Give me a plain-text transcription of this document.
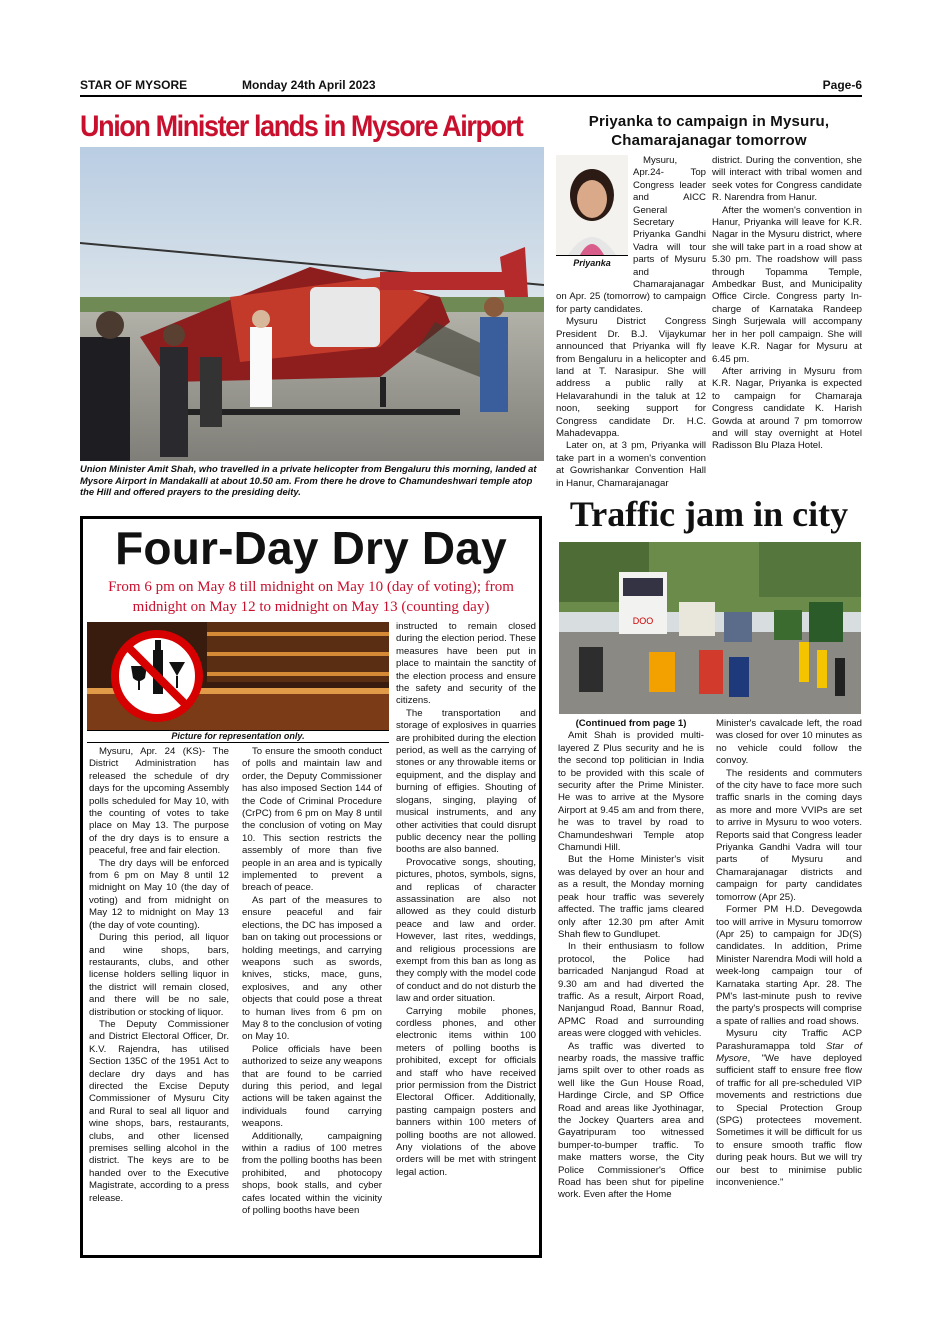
STAR OF MYSORE	Monday 24th April 2023	Page-6
Union Minister lands in Mysore Airport
Union Minister Amit Shah, who travelled in a private helicopter from Bengaluru this morning, landed at Mysore Airport in Mandakalli at about 10.50 am. From there he drove to Chamundeshwari temple atop the Hill and offered prayers to the presiding deity.
Priyanka to campaign in Mysuru,
Chamarajanagar tomorrow
Priyanka

Mysuru, Apr.24- Top Congress leader and AICC General Secretary Priyanka Gandhi Vadra will tour parts of Mysuru and Chamarajanagar on Apr. 25 (tomorrow) to campaign for party candidates.

Mysuru District Congress President Dr. B.J. Vijaykumar announced that Priyanka will fly from Bengaluru in a helicopter and land at T. Narasipur. She will address a public rally at Helavarahundi in the taluk at 12 noon, seeking support for Congress candidate Dr. H.C. Mahadevappa.

Later on, at 3 pm, Priyanka will take part in a women's convention at Gowrishankar Convention Hall in Hanur, Chamarajanagar

district. During the convention, she will interact with tribal women and seek votes for Congress candidate R. Narendra from Hanur.

After the women's convention in Hanur, Priyanka will leave for K.R. Nagar in the Mysuru district, where she will take part in a road show at 5.30 pm. The roadshow will pass through Topamma Temple, Ambedkar Bust, and Municipality Office Circle. Congress party In-charge of Karnataka Randeep Singh Surjewala will accompany her in her poll campaign. She will leave K.R. Nagar for Mysuru at 6.45 pm.

After arriving in Mysuru from K.R. Nagar, Priyanka is expected to campaign for Chamaraja Congress candidate K. Harish Gowda at around 7 pm tomorrow and will stay overnight at Hotel Radisson Blu Plaza Hotel.

Traffic jam in city
DOO
Four-Day Dry Day
From 6 pm on May 8 till midnight on May 10 (day of voting); from midnight on May 12 to midnight on May 13 (counting day)
Picture for representation only.

Mysuru, Apr. 24 (KS)- The District Administration has released the schedule of dry days for the upcoming Assembly polls scheduled for May 10, with the counting of votes to take place on May 13. The purpose of the dry days is to ensure a peaceful, free and fair election.

The dry days will be enforced from 6 pm on May 8 until 12 midnight on May 10 (the day of voting) and from midnight on May 12 to midnight on May 13 (the day of vote counting).

During this period, all liquor and wine shops, bars, restaurants, clubs, and other license holders selling liquor in the district will remain closed, and there will be no sale, distribution or stocking of liquor.

The Deputy Commissioner and District Electoral Officer, Dr. K.V. Rajendra, has utilised Section 135C of the 1951 Act to declare dry days and has directed the Excise Deputy Commissioner of Mysuru City and Rural to seal all liquor and wine shops, bars, restaurants, clubs, and other licensed premises selling alcohol in the district. The keys are to be handed over to the Executive Magistrate, according to a press release.

To ensure the smooth conduct of polls and maintain law and order, the Deputy Commissioner has also imposed Section 144 of the Code of Criminal Procedure (CrPC) from 6 pm on May 8 until the conclusion of voting on May 10. This section restricts the assembly of more than five people in an area and is typically implemented to prevent a breach of peace.

As part of the measures to ensure peaceful and fair elections, the DC has imposed a ban on taking out processions or holding meetings, and carrying weapons such as swords, knives, sticks, mace, guns, explosives, and any other objects that could pose a threat to human lives from 6 pm on May 8 to the conclusion of voting on May 10.

Police officials have been authorized to seize any weapons that are found to be carried during this period, and legal actions will be taken against the individuals found carrying weapons.

Additionally, campaigning within a radius of 100 metres from the polling booths has been prohibited, and photocopy shops, book stalls, and cyber cafes located within the vicinity of polling booths have been

instructed to remain closed during the election period. These measures have been put in place to maintain the sanctity of the election process and ensure the safety and security of the citizens.

The transportation and storage of explosives in quarries are prohibited during the election period, as well as the carrying of stones or any throwable items or equipment, and the display and burning of effigies. Shouting of slogans, singing, playing of musical instruments, and any other activities that could disrupt public decency near the polling booths are also banned.

Provocative songs, shouting, pictures, photos, symbols, signs, and replicas of character assassination are also not allowed as they could disturb peace and law and order. However, last rites, weddings, and religious processions are exempt from this ban as long as they comply with the model code of conduct and do not disturb the law and order situation.

Carrying mobile phones, cordless phones, and other electronic items within 100 meters of polling booths is prohibited, except for officials and staff who have received prior permission from the District Electoral Officer. Additionally, pasting campaign posters and banners within 100 meters of polling booths are not allowed. Any violations of the above orders will be met with stringent legal action.

(Continued from page 1)

Amit Shah is provided multi-layered Z Plus security and he is the second top politician in India to be provided with this scale of security after the Prime Minister. He was to arrive at the Mysore Airport at 9.45 am and from there, he was to travel by road to Chamundeshwari Temple atop Chamundi Hill.

But the Home Minister's visit was delayed by over an hour and as a result, the Monday morning peak hour traffic was severely affected. The traffic jams cleared only after 12.30 pm after Amit Shah flew to Gundlupet.

In their enthusiasm to follow protocol, the Police had barricaded Nanjangud Road at 9.30 am and had diverted the traffic. As a result, Airport Road, Nanjangud Road, Bannur Road, APMC Road and surrounding areas were clogged with vehicles.

As traffic was diverted to nearby roads, the massive traffic jams spilt over to other roads as well like the Gun House Road, Hardinge Circle, and SP Office Road and areas like Jyothinagar, the Jockey Quarters area and Gayatripuram too witnessed bumper-to-bumper traffic. To make matters worse, the City Police Commissioner's Office Road has been shut for pipeline work. Even after the Home

Minister's cavalcade left, the road was closed for over 10 minutes as no vehicle could follow the convoy.

The residents and commuters of the city have to face more such traffic snarls in the coming days as more and more VVIPs are set to arrive in Mysuru to woo voters. Reports said that Congress leader Priyanka Gandhi Vadra will tour parts of Mysuru and Chamarajanagar districts and campaign for party candidates tomorrow (Apr 25).

Former PM H.D. Devegowda too will arrive in Mysuru tomorrow (Apr 25) to campaign for JD(S) candidates. In addition, Prime Minister Narendra Modi will hold a week-long campaign tour of Karnataka starting Apr. 28. The PM's last-minute push to revive the party's prospects will comprise a spate of rallies and road shows.

Mysuru city Traffic ACP Parashuramappa told Star of Mysore, "We have deployed sufficient staff to ensure free flow of traffic for all pre-scheduled VIP movements and restrictions due to Special Protection Group (SPG) protectees movement. Sometimes it will be difficult for us to ensure smooth traffic flow during peak hours. But we will try our best to minimise public inconvenience."
